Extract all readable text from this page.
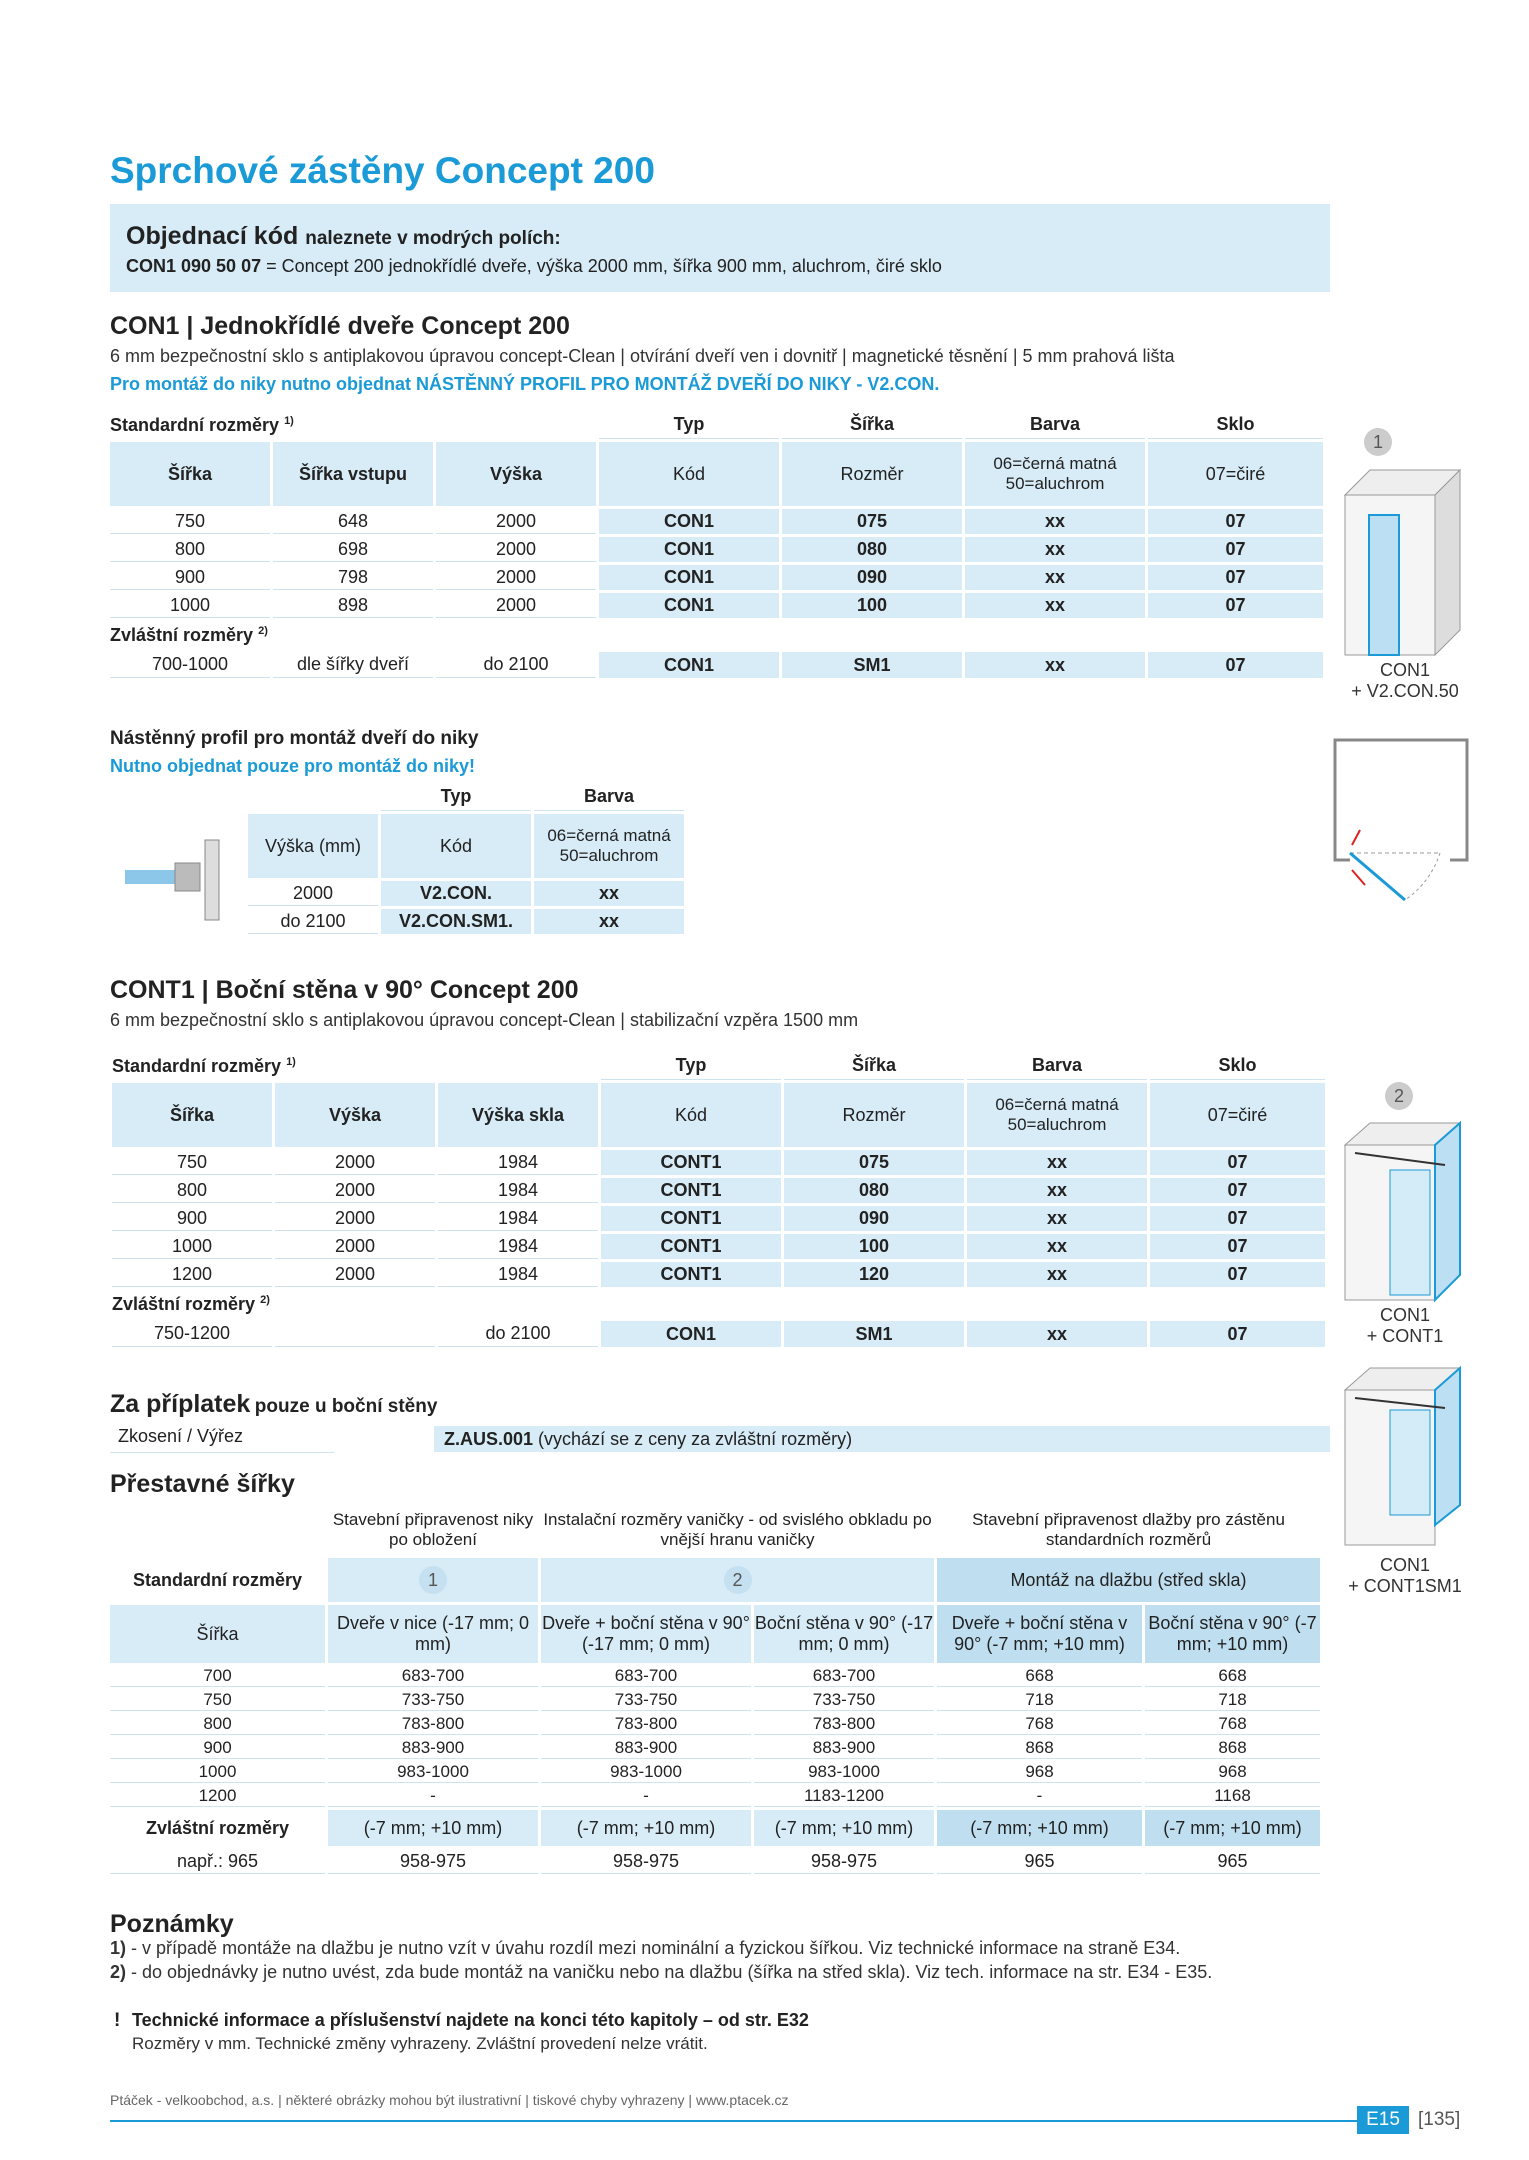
Sprchové zástěny Concept 200
Objednací kód naleznete v modrých polích:
CON1 090 50 07 = Concept 200 jednokřídlé dveře, výška 2000 mm, šířka 900 mm, aluchrom, čiré sklo
CON1 | Jednokřídlé dveře Concept 200
6 mm bezpečnostní sklo s antiplakovou úpravou concept-Clean | otvírání dveří ven i dovnitř | magnetické těsnění | 5 mm prahová lišta
Pro montáž do niky nutno objednat NÁSTĚNNÝ PROFIL PRO MONTÁŽ DVEŘÍ DO NIKY - V2.CON.
Standardní rozměry $^{1)}$			Typ	Šířka	Barva	Sklo
Šířka	Šířka vstupu	Výška	Kód	Rozměr	06=černá matná 50=aluchrom	07=čiré
750	648	2000	CON1	075	xx	07
800	698	2000	CON1	080	xx	07
900	798	2000	CON1	090	xx	07
1000	898	2000	CON1	100	xx	07
Zvláštní rozměry $^{2)}$
700-1000	dle šířky dveří	do 2100	CON1	SM1	xx	07
1
CON1
+ V2.CON.50
Nástěnný profil pro montáž dveří do niky
Nutno objednat pouze pro montáž do niky!
	Typ	Barva
Výška (mm)	Kód	06=černá matná 50=aluchrom
2000	V2.CON.	xx
do 2100	V2.CON.SM1.	xx
CONT1 | Boční stěna v 90° Concept 200
6 mm bezpečnostní sklo s antiplakovou úpravou concept-Clean | stabilizační vzpěra 1500 mm
Standardní rozměry $^{1)}$			Typ	Šířka	Barva	Sklo
Šířka	Výška	Výška skla	Kód	Rozměr	06=černá matná 50=aluchrom	07=čiré
750	2000	1984	CONT1	075	xx	07
800	2000	1984	CONT1	080	xx	07
900	2000	1984	CONT1	090	xx	07
1000	2000	1984	CONT1	100	xx	07
1200	2000	1984	CONT1	120	xx	07
Zvláštní rozměry $^{2)}$
750-1200		do 2100	CON1	SM1	xx	07
2
CON1
+ CONT1
CON1
+ CONT1SM1
Za příplatek pouze u boční stěny
Zkosení / Výřez	Z.AUS.001 (vychází se z ceny za zvláštní rozměry)
Přestavné šířky
	Stavební připravenost niky po obložení	Instalační rozměry vaničky - od svislého obkladu po vnější hranu vaničky		Stavební připravenost dlažby pro zástěnu standardních rozměrů	
Standardní rozměry	1	2		Montáž na dlažbu (střed skla)	
Šířka	Dveře v nice (-17 mm; 0 mm)	Dveře + boční stěna v 90° (-17 mm; 0 mm)	Boční stěna v 90° (-17 mm; 0 mm)	Dveře + boční stěna v 90° (-7 mm; +10 mm)	Boční stěna v 90° (-7 mm; +10 mm)
700	683-700	683-700	683-700	668	668
750	733-750	733-750	733-750	718	718
800	783-800	783-800	783-800	768	768
900	883-900	883-900	883-900	868	868
1000	983-1000	983-1000	983-1000	968	968
1200	-	-	1183-1200	-	1168
Zvláštní rozměry	(-7 mm; +10 mm)	(-7 mm; +10 mm)	(-7 mm; +10 mm)	(-7 mm; +10 mm)	(-7 mm; +10 mm)
např.: 965	958-975	958-975	958-975	965	965
Poznámky
1) - v případě montáže na dlažbu je nutno vzít v úvahu rozdíl mezi nominální a fyzickou šířkou. Viz technické informace na straně E34.
2) - do objednávky je nutno uvést, zda bude montáž na vaničku nebo na dlažbu (šířka na střed skla). Viz tech. informace na str. E34 - E35.
! Technické informace a příslušenství najdete na konci této kapitoly – od str. E32
Rozměry v mm. Technické změny vyhrazeny. Zvláštní provedení nelze vrátit.
Ptáček - velkoobchod, a.s. | některé obrázky mohou být ilustrativní | tiskové chyby vyhrazeny | www.ptacek.cz
E15 [135]
